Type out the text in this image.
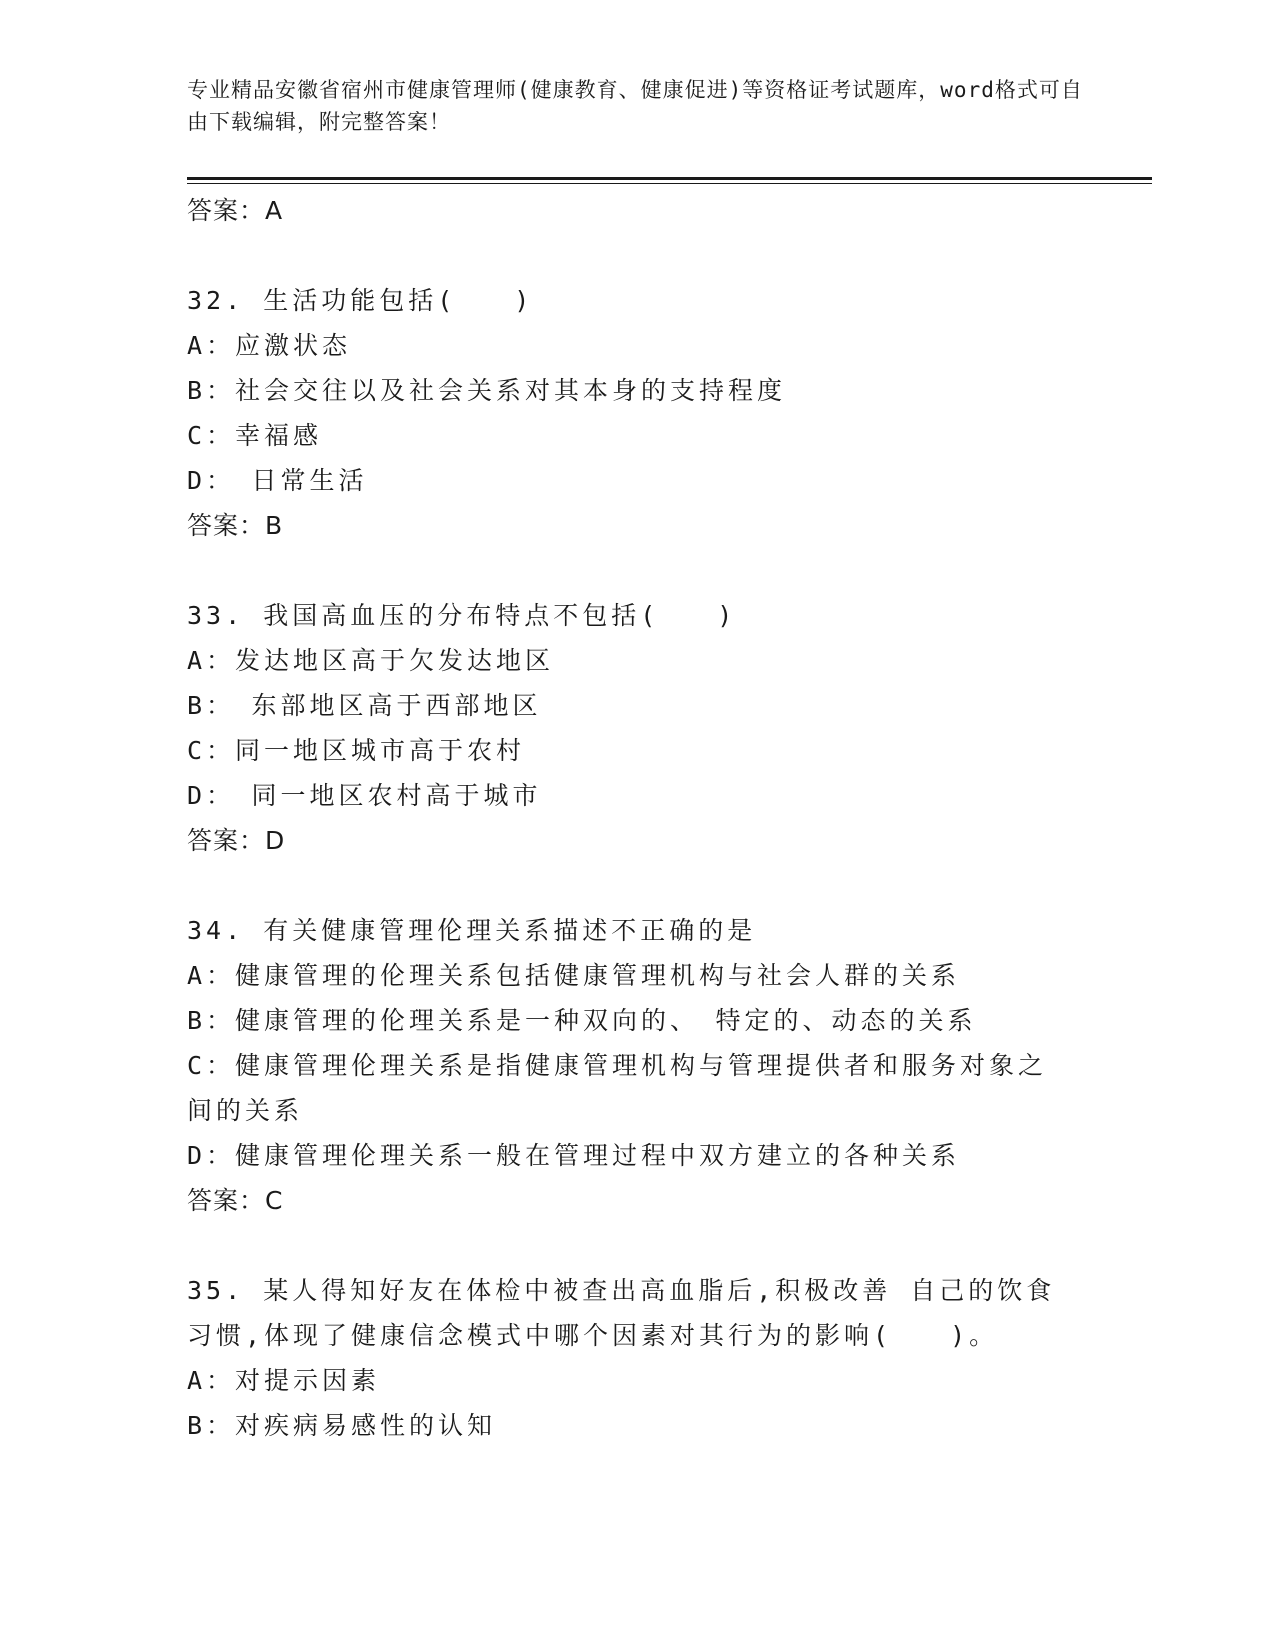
专业精品安徽省宿州市健康管理师(健康教育、健康促进)等资格证考试题库，word格式可自由下载编辑，附完整答案！
答案：A
32. 生活功能包括(　　)
A：应激状态
B：社会交往以及社会关系对其本身的支持程度
C：幸福感
D：　日常生活
答案：B
33. 我国高血压的分布特点不包括(　　)
A：发达地区高于欠发达地区
B：　东部地区高于西部地区
C：同一地区城市高于农村
D：　同一地区农村高于城市
答案：D
34. 有关健康管理伦理关系描述不正确的是
A：健康管理的伦理关系包括健康管理机构与社会人群的关系
B：健康管理的伦理关系是一种双向的、　特定的、动态的关系
C：健康管理伦理关系是指健康管理机构与管理提供者和服务对象之间的关系
D：健康管理伦理关系一般在管理过程中双方建立的各种关系
答案：C
35. 某人得知好友在体检中被查出高血脂后,积极改善 自己的饮食习惯,体现了健康信念模式中哪个因素对其行为的影响(　　)。
A：对提示因素
B：对疾病易感性的认知
